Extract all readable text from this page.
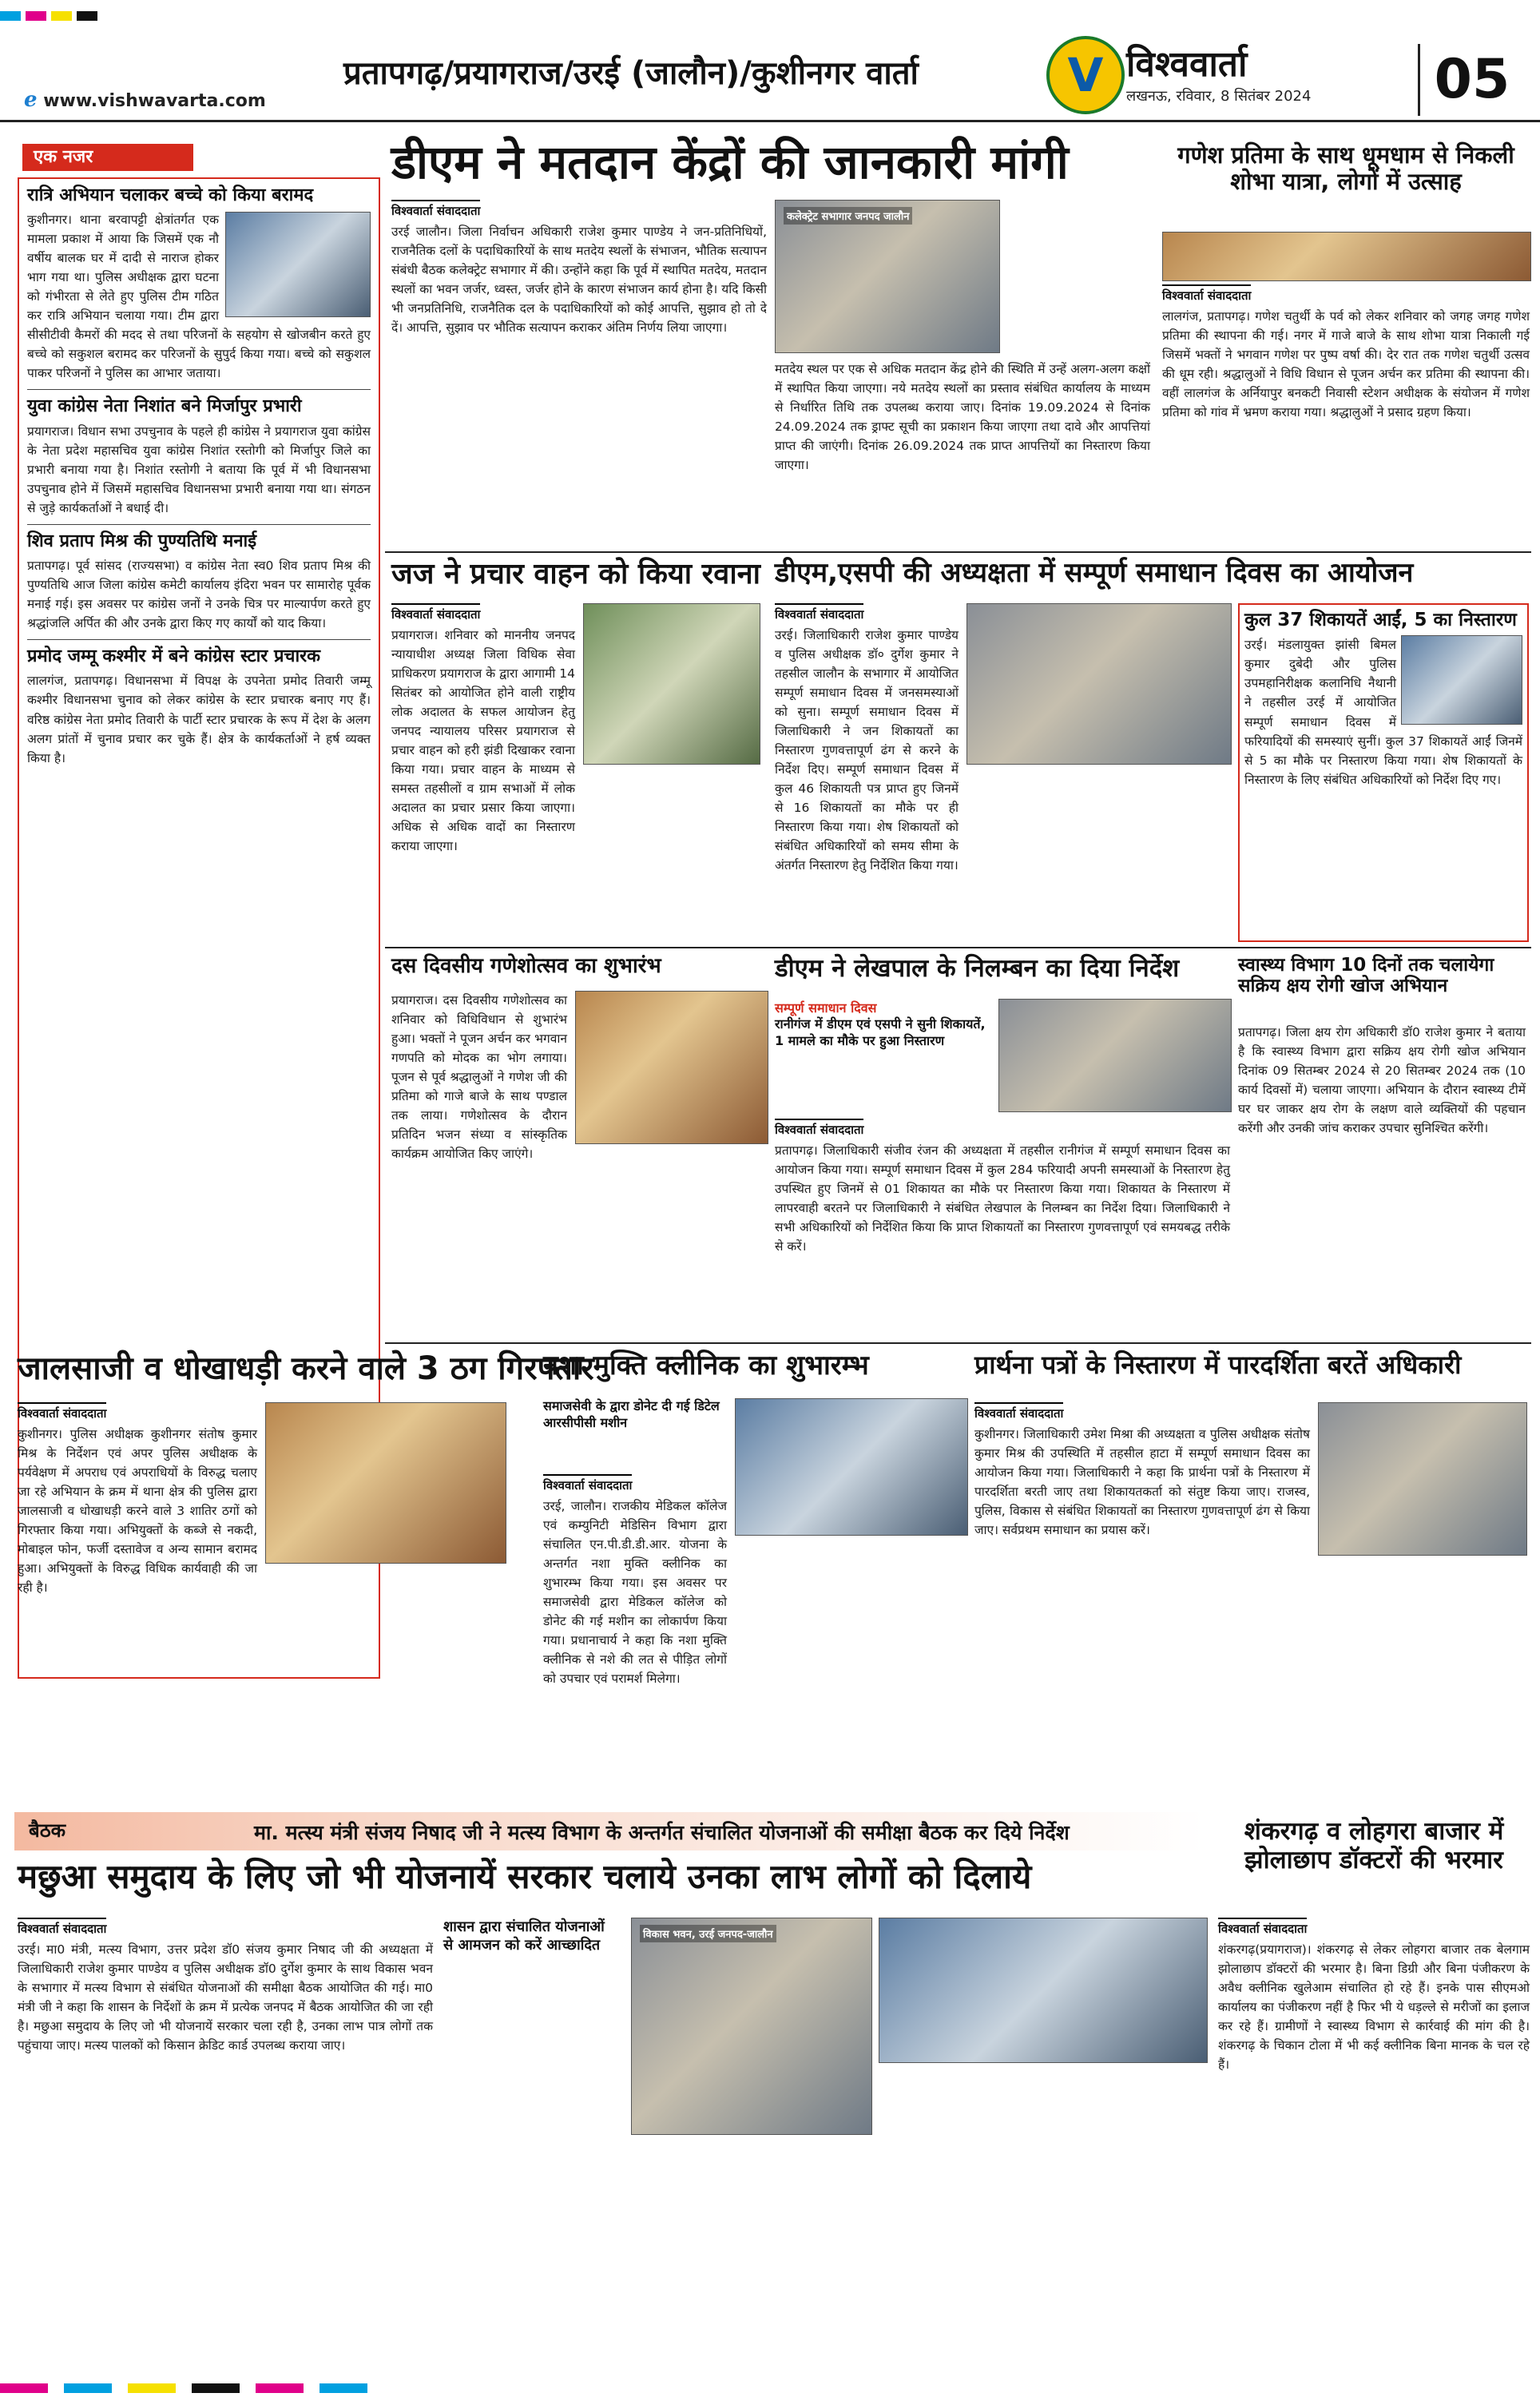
प्रतापगढ़/प्रयागराज/उरई (जालौन)/कुशीनगर वार्ता
ℯ www.vishwavarta.com	V विश्ववार्ता
लखनऊ, रविवार, 8 सितंबर 2024	05
एक नजर
रात्रि अभियान चलाकर बच्चे को किया बरामद
कुशीनगर। थाना बरवापट्टी क्षेत्रांतर्गत एक मामला प्रकाश में आया कि जिसमें एक नौ वर्षीय बालक घर में दादी से नाराज होकर भाग गया था। पुलिस अधीक्षक द्वारा घटना को गंभीरता से लेते हुए पुलिस टीम गठित कर रात्रि अभियान चलाया गया। टीम द्वारा सीसीटीवी कैमरों की मदद से तथा परिजनों के सहयोग से खोजबीन करते हुए बच्चे को सकुशल बरामद कर परिजनों के सुपुर्द किया गया। बच्चे को सकुशल पाकर परिजनों ने पुलिस का आभार जताया।
युवा कांग्रेस नेता निशांत बने मिर्जापुर प्रभारी
प्रयागराज। विधान सभा उपचुनाव के पहले ही कांग्रेस ने प्रयागराज युवा कांग्रेस के नेता प्रदेश महासचिव युवा कांग्रेस निशांत रस्तोगी को मिर्जापुर जिले का प्रभारी बनाया गया है। निशांत रस्तोगी ने बताया कि पूर्व में भी विधानसभा उपचुनाव होने में जिसमें महासचिव विधानसभा प्रभारी बनाया गया था। संगठन से जुड़े कार्यकर्ताओं ने बधाई दी।
शिव प्रताप मिश्र की पुण्यतिथि मनाई
प्रतापगढ़। पूर्व सांसद (राज्यसभा) व कांग्रेस नेता स्व0 शिव प्रताप मिश्र की पुण्यतिथि आज जिला कांग्रेस कमेटी कार्यालय इंदिरा भवन पर सामारोह पूर्वक मनाई गई। इस अवसर पर कांग्रेस जनों ने उनके चित्र पर माल्यार्पण करते हुए श्रद्धांजलि अर्पित की और उनके द्वारा किए गए कार्यों को याद किया।
प्रमोद जम्मू कश्मीर में बने कांग्रेस स्टार प्रचारक
लालगंज, प्रतापगढ़। विधानसभा में विपक्ष के उपनेता प्रमोद तिवारी जम्मू कश्मीर विधानसभा चुनाव को लेकर कांग्रेस के स्टार प्रचारक बनाए गए हैं। वरिष्ठ कांग्रेस नेता प्रमोद तिवारी के पार्टी स्टार प्रचारक के रूप में देश के अलग अलग प्रांतों में चुनाव प्रचार कर चुके हैं। क्षेत्र के कार्यकर्ताओं ने हर्ष व्यक्त किया है।
डीएम ने मतदान केंद्रों की जानकारी मांगी
विश्ववार्ता संवाददाता
उरई जालौन। जिला निर्वाचन अधिकारी राजेश कुमार पाण्डेय ने जन-प्रतिनिधियों, राजनैतिक दलों के पदाधिकारियों के साथ मतदेय स्थलों के संभाजन, भौतिक सत्यापन संबंधी बैठक कलेक्ट्रेट सभागार में की। उन्होंने कहा कि पूर्व में स्थापित मतदेय, मतदान स्थलों का भवन जर्जर, ध्वस्त, जर्जर होने के कारण संभाजन कार्य होना है। यदि किसी भी जनप्रतिनिधि, राजनैतिक दल के पदाधिकारियों को कोई आपत्ति, सुझाव हो तो दे दें। आपत्ति, सुझाव पर भौतिक सत्यापन कराकर अंतिम निर्णय लिया जाएगा।
कलेक्ट्रेट सभागार जनपद जालौन
मतदेय स्थल पर एक से अधिक मतदान केंद्र होने की स्थिति में उन्हें अलग-अलग कक्षों में स्थापित किया जाएगा। नये मतदेय स्थलों का प्रस्ताव संबंधित कार्यालय के माध्यम से निर्धारित तिथि तक उपलब्ध कराया जाए। दिनांक 19.09.2024 से दिनांक 24.09.2024 तक ड्राफ्ट सूची का प्रकाशन किया जाएगा तथा दावे और आपत्तियां प्राप्त की जाएंगी। दिनांक 26.09.2024 तक प्राप्त आपत्तियों का निस्तारण किया जाएगा।
गणेश प्रतिमा के साथ धूमधाम से निकली शोभा यात्रा, लोगों में उत्साह
विश्ववार्ता संवाददाता
लालगंज, प्रतापगढ़। गणेश चतुर्थी के पर्व को लेकर शनिवार को जगह जगह गणेश प्रतिमा की स्थापना की गई। नगर में गाजे बाजे के साथ शोभा यात्रा निकाली गई जिसमें भक्तों ने भगवान गणेश पर पुष्प वर्षा की। देर रात तक गणेश चतुर्थी उत्सव की धूम रही। श्रद्धालुओं ने विधि विधान से पूजन अर्चन कर प्रतिमा की स्थापना की। वहीं लालगंज के अर्नियापुर बनकटी निवासी स्टेशन अधीक्षक के संयोजन में गणेश प्रतिमा को गांव में भ्रमण कराया गया। श्रद्धालुओं ने प्रसाद ग्रहण किया।
जज ने प्रचार वाहन को किया रवाना
विश्ववार्ता संवाददाता
प्रयागराज। शनिवार को माननीय जनपद न्यायाधीश अध्यक्ष जिला विधिक सेवा प्राधिकरण प्रयागराज के द्वारा आगामी 14 सितंबर को आयोजित होने वाली राष्ट्रीय लोक अदालत के सफल आयोजन हेतु जनपद न्यायालय परिसर प्रयागराज से प्रचार वाहन को हरी झंडी दिखाकर रवाना किया गया। प्रचार वाहन के माध्यम से समस्त तहसीलों व ग्राम सभाओं में लोक अदालत का प्रचार प्रसार किया जाएगा। अधिक से अधिक वादों का निस्तारण कराया जाएगा।
डीएम,एसपी की अध्यक्षता में सम्पूर्ण समाधान दिवस का आयोजन
विश्ववार्ता संवाददाता
उरई। जिलाधिकारी राजेश कुमार पाण्डेय व पुलिस अधीक्षक डॉ० दुर्गेश कुमार ने तहसील जालौन के सभागार में आयोजित सम्पूर्ण समाधान दिवस में जनसमस्याओं को सुना। सम्पूर्ण समाधान दिवस में जिलाधिकारी ने जन शिकायतों का निस्तारण गुणवत्तापूर्ण ढंग से करने के निर्देश दिए। सम्पूर्ण समाधान दिवस में कुल 46 शिकायती पत्र प्राप्त हुए जिनमें से 16 शिकायतों का मौके पर ही निस्तारण किया गया। शेष शिकायतों को संबंधित अधिकारियों को समय सीमा के अंतर्गत निस्तारण हेतु निर्देशित किया गया।
कुल 37 शिकायतें आईं, 5 का निस्तारण
उरई। मंडलायुक्त झांसी बिमल कुमार दुबेदी और पुलिस उपमहानिरीक्षक कलानिधि नैथानी ने तहसील उरई में आयोजित सम्पूर्ण समाधान दिवस में फरियादियों की समस्याएं सुनीं। कुल 37 शिकायतें आईं जिनमें से 5 का मौके पर निस्तारण किया गया। शेष शिकायतों के निस्तारण के लिए संबंधित अधिकारियों को निर्देश दिए गए।
दस दिवसीय गणेशोत्सव का शुभारंभ
प्रयागराज। दस दिवसीय गणेशोत्सव का शनिवार को विधिविधान से शुभारंभ हुआ। भक्तों ने पूजन अर्चन कर भगवान गणपति को मोदक का भोग लगाया। पूजन से पूर्व श्रद्धालुओं ने गणेश जी की प्रतिमा को गाजे बाजे के साथ पण्डाल तक लाया। गणेशोत्सव के दौरान प्रतिदिन भजन संध्या व सांस्कृतिक कार्यक्रम आयोजित किए जाएंगे।
डीएम ने लेखपाल के निलम्बन का दिया निर्देश
सम्पूर्ण समाधान दिवस
रानीगंज में डीएम एवं एसपी ने सुनी शिकायतें, 1 मामले का मौके पर हुआ निस्तारण
विश्ववार्ता संवाददाता
प्रतापगढ़। जिलाधिकारी संजीव रंजन की अध्यक्षता में तहसील रानीगंज में सम्पूर्ण समाधान दिवस का आयोजन किया गया। सम्पूर्ण समाधान दिवस में कुल 284 फरियादी अपनी समस्याओं के निस्तारण हेतु उपस्थित हुए जिनमें से 01 शिकायत का मौके पर निस्तारण किया गया। शिकायत के निस्तारण में लापरवाही बरतने पर जिलाधिकारी ने संबंधित लेखपाल के निलम्बन का निर्देश दिया। जिलाधिकारी ने सभी अधिकारियों को निर्देशित किया कि प्राप्त शिकायतों का निस्तारण गुणवत्तापूर्ण एवं समयबद्ध तरीके से करें।
स्वास्थ्य विभाग 10 दिनों तक चलायेगा सक्रिय क्षय रोगी खोज अभियान
प्रतापगढ़। जिला क्षय रोग अधिकारी डॉ0 राजेश कुमार ने बताया है कि स्वास्थ्य विभाग द्वारा सक्रिय क्षय रोगी खोज अभियान दिनांक 09 सितम्बर 2024 से 20 सितम्बर 2024 तक (10 कार्य दिवसों में) चलाया जाएगा। अभियान के दौरान स्वास्थ्य टीमें घर घर जाकर क्षय रोग के लक्षण वाले व्यक्तियों की पहचान करेंगी और उनकी जांच कराकर उपचार सुनिश्चित करेंगी।
जालसाजी व धोखाधड़ी करने वाले 3 ठग गिरफ्तार
विश्ववार्ता संवाददाता
कुशीनगर। पुलिस अधीक्षक कुशीनगर संतोष कुमार मिश्र के निर्देशन एवं अपर पुलिस अधीक्षक के पर्यवेक्षण में अपराध एवं अपराधियों के विरुद्ध चलाए जा रहे अभियान के क्रम में थाना क्षेत्र की पुलिस द्वारा जालसाजी व धोखाधड़ी करने वाले 3 शातिर ठगों को गिरफ्तार किया गया। अभियुक्तों के कब्जे से नकदी, मोबाइल फोन, फर्जी दस्तावेज व अन्य सामान बरामद हुआ। अभियुक्तों के विरुद्ध विधिक कार्यवाही की जा रही है।
नशा मुक्ति क्लीनिक का शुभारम्भ
समाजसेवी के द्वारा डोनेट दी गई डिटेल आरसीपीसी मशीन
विश्ववार्ता संवाददाता
उरई, जालौन। राजकीय मेडिकल कॉलेज एवं कम्युनिटी मेडिसिन विभाग द्वारा संचालित एन.पी.डी.डी.आर. योजना के अन्तर्गत नशा मुक्ति क्लीनिक का शुभारम्भ किया गया। इस अवसर पर समाजसेवी द्वारा मेडिकल कॉलेज को डोनेट की गई मशीन का लोकार्पण किया गया। प्रधानाचार्य ने कहा कि नशा मुक्ति क्लीनिक से नशे की लत से पीड़ित लोगों को उपचार एवं परामर्श मिलेगा।
प्रार्थना पत्रों के निस्तारण में पारदर्शिता बरतें अधिकारी
विश्ववार्ता संवाददाता
कुशीनगर। जिलाधिकारी उमेश मिश्रा की अध्यक्षता व पुलिस अधीक्षक संतोष कुमार मिश्र की उपस्थिति में तहसील हाटा में सम्पूर्ण समाधान दिवस का आयोजन किया गया। जिलाधिकारी ने कहा कि प्रार्थना पत्रों के निस्तारण में पारदर्शिता बरती जाए तथा शिकायतकर्ता को संतुष्ट किया जाए। राजस्व, पुलिस, विकास से संबंधित शिकायतों का निस्तारण गुणवत्तापूर्ण ढंग से किया जाए। सर्वप्रथम समाधान का प्रयास करें।
बैठक	मा. मत्स्य मंत्री संजय निषाद जी ने मत्स्य विभाग के अन्तर्गत संचालित योजनाओं की समीक्षा बैठक कर दिये निर्देश
मछुआ समुदाय के लिए जो भी योजनायें सरकार चलाये उनका लाभ लोगों को दिलाये
विश्ववार्ता संवाददाता
उरई। मा0 मंत्री, मत्स्य विभाग, उत्तर प्रदेश डॉ0 संजय कुमार निषाद जी की अध्यक्षता में जिलाधिकारी राजेश कुमार पाण्डेय व पुलिस अधीक्षक डॉ0 दुर्गेश कुमार के साथ विकास भवन के सभागार में मत्स्य विभाग से संबंधित योजनाओं की समीक्षा बैठक आयोजित की गई। मा0 मंत्री जी ने कहा कि शासन के निर्देशों के क्रम में प्रत्येक जनपद में बैठक आयोजित की जा रही है। मछुआ समुदाय के लिए जो भी योजनायें सरकार चला रही है, उनका लाभ पात्र लोगों तक पहुंचाया जाए। मत्स्य पालकों को किसान क्रेडिट कार्ड उपलब्ध कराया जाए।
शासन द्वारा संचालित योजनाओं से आमजन को करें आच्छादित
विकास भवन, उरई जनपद-जालौन
शंकरगढ़ व लोहगरा बाजार में झोलाछाप डॉक्टरों की भरमार
विश्ववार्ता संवाददाता
शंकरगढ़(प्रयागराज)। शंकरगढ़ से लेकर लोहगरा बाजार तक बेलगाम झोलाछाप डॉक्टरों की भरमार है। बिना डिग्री और बिना पंजीकरण के अवैध क्लीनिक खुलेआम संचालित हो रहे हैं। इनके पास सीएमओ कार्यालय का पंजीकरण नहीं है फिर भी ये धड़ल्ले से मरीजों का इलाज कर रहे हैं। ग्रामीणों ने स्वास्थ्य विभाग से कार्रवाई की मांग की है। शंकरगढ़ के चिकान टोला में भी कई क्लीनिक बिना मानक के चल रहे हैं।
